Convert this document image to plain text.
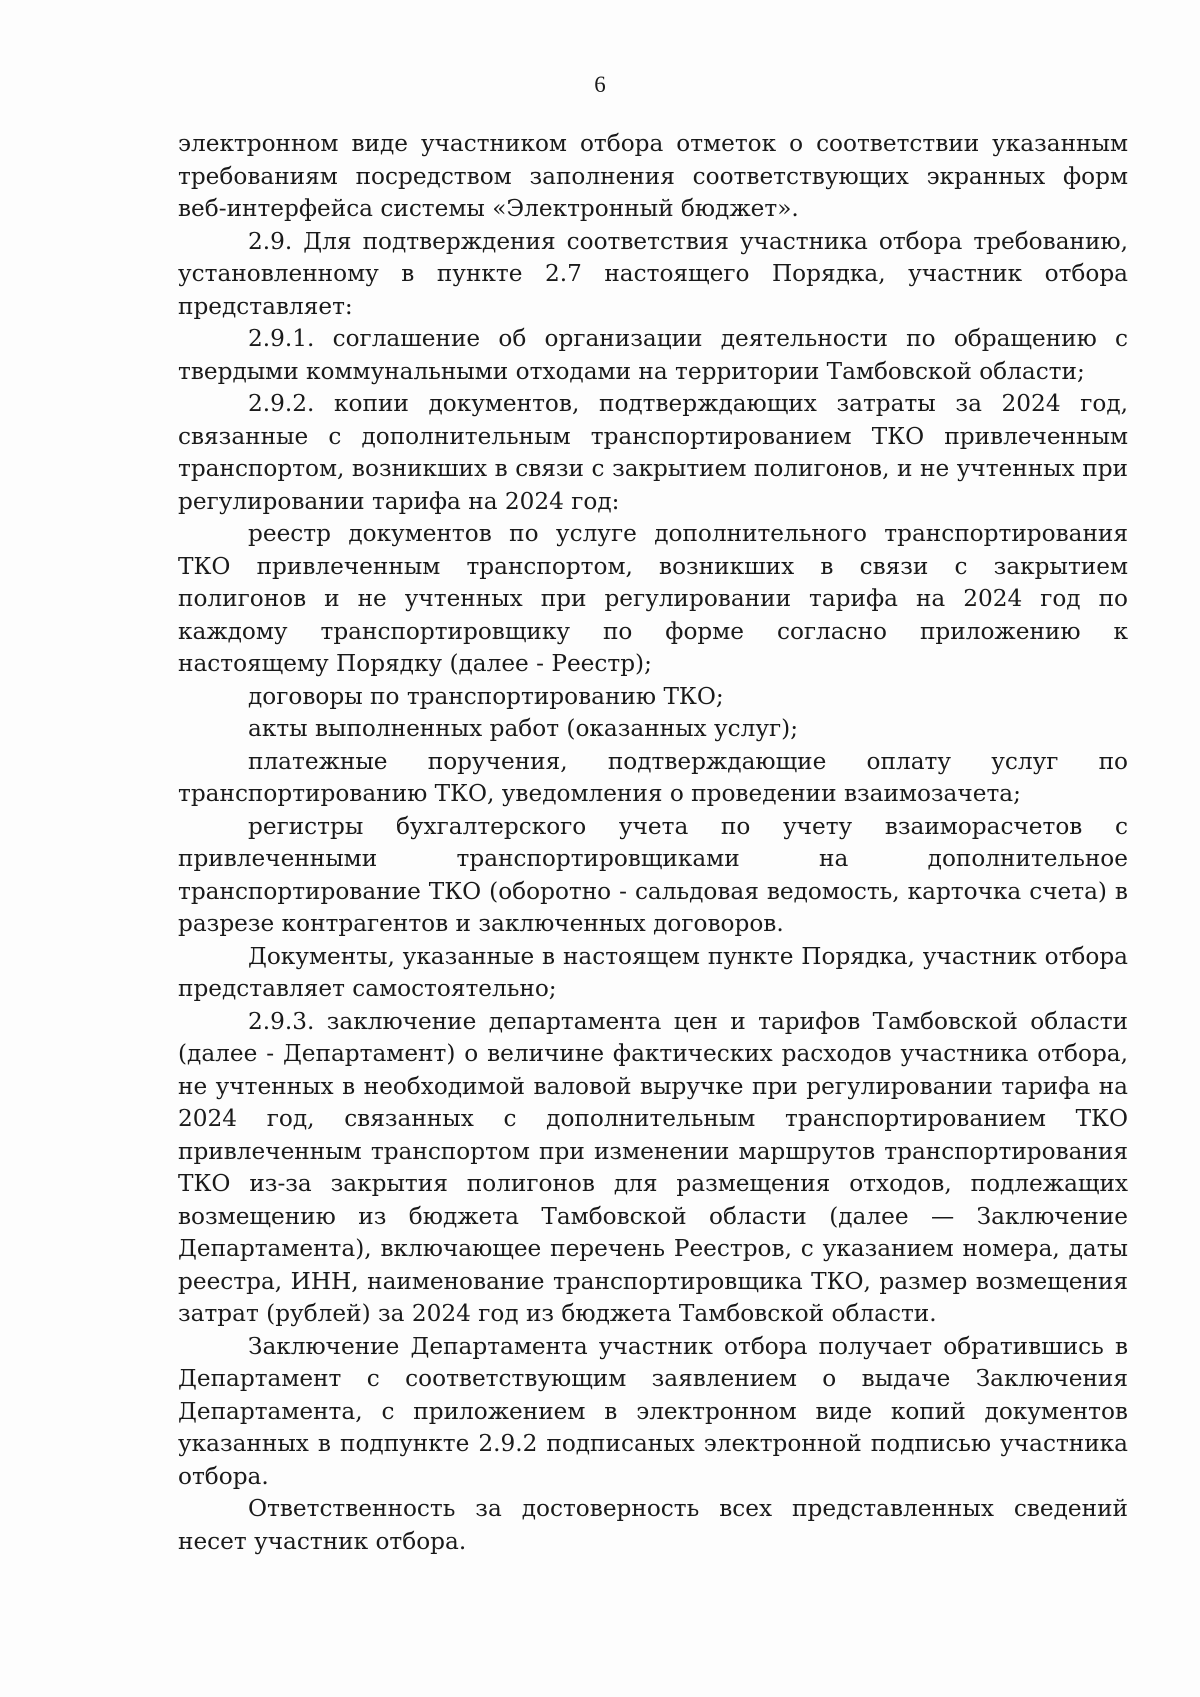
6

электронном виде участником отбора отметок о соответствии указанным требованиям посредством заполнения соответствующих экранных форм веб-интерфейса системы «Электронный бюджет».

2.9. Для подтверждения соответствия участника отбора требованию, установленному в пункте 2.7 настоящего Порядка, участник отбора представляет:

2.9.1. соглашение об организации деятельности по обращению с твердыми коммунальными отходами на территории Тамбовской области;

2.9.2. копии документов, подтверждающих затраты за 2024 год, связанные с дополнительным транспортированием ТКО привлеченным транспортом, возникших в связи с закрытием полигонов, и не учтенных при регулировании тарифа на 2024 год:

реестр документов по услуге дополнительного транспортирования ТКО привлеченным транспортом, возникших в связи с закрытием полигонов и не учтенных при регулировании тарифа на 2024 год по каждому транспортировщику по форме согласно приложению к настоящему Порядку (далее - Реестр);

договоры по транспортированию ТКО;

акты выполненных работ (оказанных услуг);

платежные поручения, подтверждающие оплату услуг по транспортированию ТКО, уведомления о проведении взаимозачета;

регистры бухгалтерского учета по учету взаиморасчетов с привлеченными транспортировщиками на дополнительное транспортирование ТКО (оборотно - сальдовая ведомость, карточка счета) в разрезе контрагентов и заключенных договоров.

Документы, указанные в настоящем пункте Порядка, участник отбора представляет самостоятельно;

2.9.3. заключение департамента цен и тарифов Тамбовской области (далее - Департамент) о величине фактических расходов участника отбора, не учтенных в необходимой валовой выручке при регулировании тарифа на 2024 год, связанных с дополнительным транспортированием ТКО привлеченным транспортом при изменении маршрутов транспортирования ТКО из-за закрытия полигонов для размещения отходов, подлежащих возмещению из бюджета Тамбовской области (далее — Заключение Департамента), включающее перечень Реестров, с указанием номера, даты реестра, ИНН, наименование транспортировщика ТКО, размер возмещения затрат (рублей) за 2024 год из бюджета Тамбовской области.

Заключение Департамента участник отбора получает обратившись в Департамент с соответствующим заявлением о выдаче Заключения Департамента, с приложением в электронном виде копий документов указанных в подпункте 2.9.2 подписаных электронной подписью участника отбора.

Ответственность за достоверность всех представленных сведений несет участник отбора.
